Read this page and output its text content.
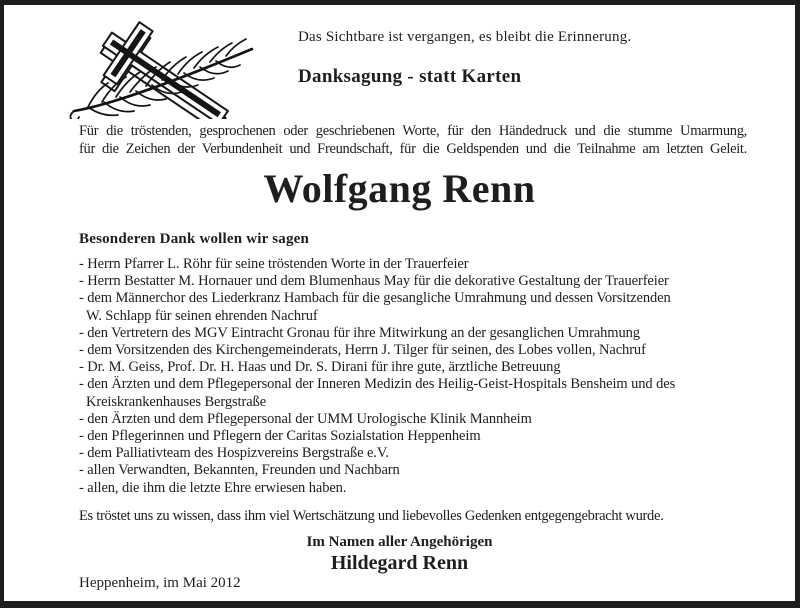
Das Sichtbare ist vergangen, es bleibt die Erinnerung.
Danksagung - statt Karten
Für die tröstenden, gesprochenen oder geschriebenen Worte, für den Händedruck und die stumme Umarmung,
für die Zeichen der Verbundenheit und Freundschaft, für die Geldspenden und die Teilnahme am letzten Geleit.
Wolfgang Renn
Besonderen Dank wollen wir sagen
- Herrn Pfarrer L. Röhr für seine tröstenden Worte in der Trauerfeier
- Herrn Bestatter M. Hornauer und dem Blumenhaus May für die dekorative Gestaltung der Trauerfeier
- dem Männerchor des Liederkranz Hambach für die gesangliche Umrahmung und dessen Vorsitzenden
W. Schlapp für seinen ehrenden Nachruf
- den Vertretern des MGV Eintracht Gronau für ihre Mitwirkung an der gesanglichen Umrahmung
- dem Vorsitzenden des Kirchengemeinderats, Herrn J. Tilger für seinen, des Lobes vollen, Nachruf
- Dr. M. Geiss, Prof. Dr. H. Haas und Dr. S. Dirani für ihre gute, ärztliche Betreuung
- den Ärzten und dem Pflegepersonal der Inneren Medizin des Heilig-Geist-Hospitals Bensheim und des
Kreiskrankenhauses Bergstraße
- den Ärzten und dem Pflegepersonal der UMM Urologische Klinik Mannheim
- den Pflegerinnen und Pflegern der Caritas Sozialstation Heppenheim
- dem Palliativteam des Hospizvereins Bergstraße e.V.
- allen Verwandten, Bekannten, Freunden und Nachbarn
- allen, die ihm die letzte Ehre erwiesen haben.
Es tröstet uns zu wissen, dass ihm viel Wertschätzung und liebevolles Gedenken entgegengebracht wurde.
Im Namen aller Angehörigen
Hildegard Renn
Heppenheim, im Mai 2012
